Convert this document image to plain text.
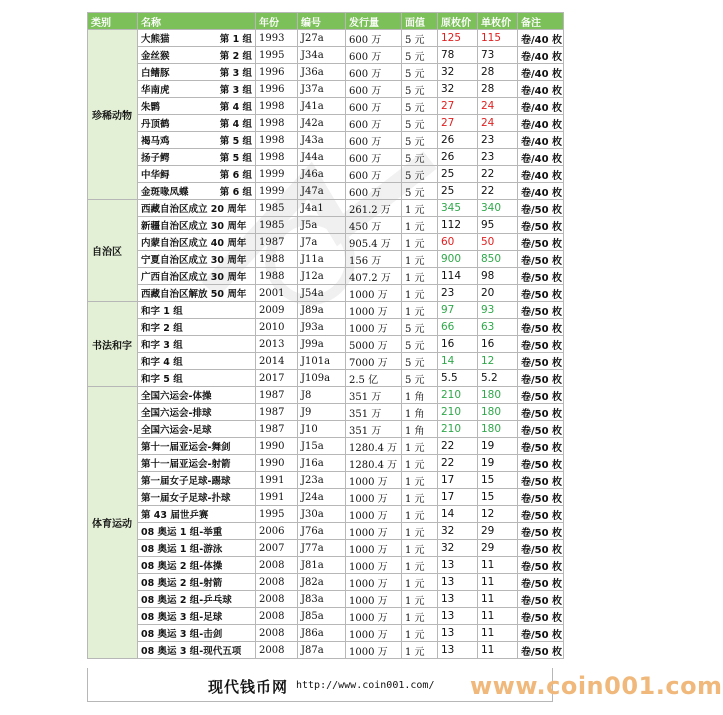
类别	名称	年份	编号	发行量	面值	原枚价	单枚价	备注
珍稀动物	大熊猫 第 1 组	1993	J27a	600 万	5 元	125	115	卷/40 枚
	金丝猴 第 2 组	1995	J34a	600 万	5 元	78	73	卷/40 枚
	白鳍豚 第 3 组	1996	J36a	600 万	5 元	32	28	卷/40 枚
	华南虎 第 3 组	1996	J37a	600 万	5 元	32	28	卷/40 枚
	朱鹮 第 4 组	1998	J41a	600 万	5 元	27	24	卷/40 枚
	丹顶鹤 第 4 组	1998	J42a	600 万	5 元	27	24	卷/40 枚
	褐马鸡 第 5 组	1998	J43a	600 万	5 元	26	23	卷/40 枚
	扬子鳄 第 5 组	1998	J44a	600 万	5 元	26	23	卷/40 枚
	中华鲟 第 6 组	1999	J46a	600 万	5 元	25	22	卷/40 枚
	金斑喙凤蝶 第 6 组	1999	J47a	600 万	5 元	25	22	卷/40 枚
自治区	西藏自治区成立 20 周年	1985	J4a1	261.2 万	1 元	345	340	卷/50 枚
	新疆自治区成立 30 周年	1985	J5a	450 万	1 元	112	95	卷/50 枚
	内蒙自治区成立 40 周年	1987	J7a	905.4 万	1 元	60	50	卷/50 枚
	宁夏自治区成立 30 周年	1988	J11a	156 万	1 元	900	850	卷/50 枚
	广西自治区成立 30 周年	1988	J12a	407.2 万	1 元	114	98	卷/50 枚
	西藏自治区解放 50 周年	2001	J54a	1000 万	1 元	23	20	卷/50 枚
书法和字	和字 1 组	2009	J89a	1000 万	1 元	97	93	卷/50 枚
	和字 2 组	2010	J93a	1000 万	5 元	66	63	卷/50 枚
	和字 3 组	2013	J99a	5000 万	5 元	16	16	卷/50 枚
	和字 4 组	2014	J101a	7000 万	5 元	14	12	卷/50 枚
	和字 5 组	2017	J109a	2.5 亿	5 元	5.5	5.2	卷/50 枚
体育运动	全国六运会-体操	1987	J8	351 万	1 角	210	180	卷/50 枚
	全国六运会-排球	1987	J9	351 万	1 角	210	180	卷/50 枚
	全国六运会-足球	1987	J10	351 万	1 角	210	180	卷/50 枚
	第十一届亚运会-舞剑	1990	J15a	1280.4 万	1 元	22	19	卷/50 枚
	第十一届亚运会-射箭	1990	J16a	1280.4 万	1 元	22	19	卷/50 枚
	第一届女子足球-踢球	1991	J23a	1000 万	1 元	17	15	卷/50 枚
	第一届女子足球-扑球	1991	J24a	1000 万	1 元	17	15	卷/50 枚
	第 43 届世乒赛	1995	J30a	1000 万	1 元	14	12	卷/50 枚
	08 奥运 1 组-举重	2006	J76a	1000 万	1 元	32	29	卷/50 枚
	08 奥运 1 组-游泳	2007	J77a	1000 万	1 元	32	29	卷/50 枚
	08 奥运 2 组-体操	2008	J81a	1000 万	1 元	13	11	卷/50 枚
	08 奥运 2 组-射箭	2008	J82a	1000 万	1 元	13	11	卷/50 枚
	08 奥运 2 组-乒乓球	2008	J83a	1000 万	1 元	13	11	卷/50 枚
	08 奥运 3 组-足球	2008	J85a	1000 万	1 元	13	11	卷/50 枚
	08 奥运 3 组-击剑	2008	J86a	1000 万	1 元	13	11	卷/50 枚
	08 奥运 3 组-现代五项	2008	J87a	1000 万	1 元	13	11	卷/50 枚
现代钱币网 http://www.coin001.com/ www.coin001.com
